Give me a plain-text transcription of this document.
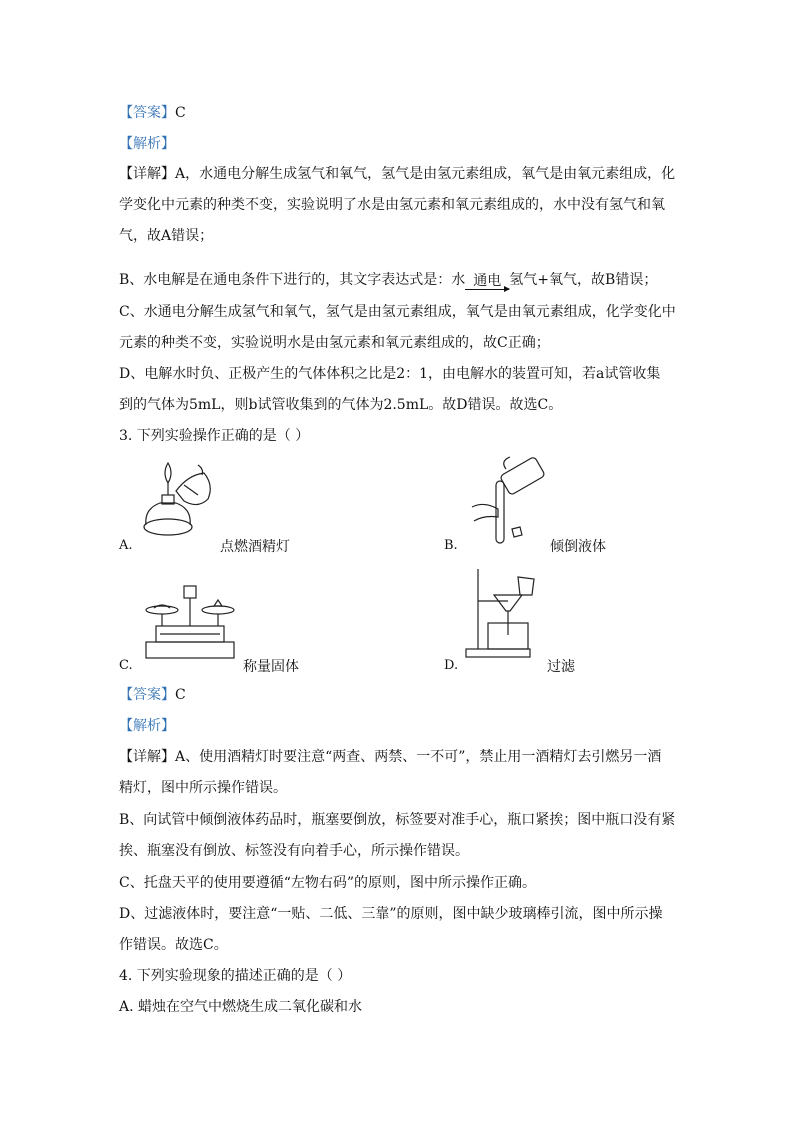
【答案】C
【解析】
【详解】A，水通电分解生成氢气和氧气，氢气是由氢元素组成，氧气是由氧元素组成，化
学变化中元素的种类不变，实验说明了水是由氢元素和氧元素组成的，水中没有氢气和氧
气，故A错误；
B、水电解是在通电条件下进行的，其文字表达式是：水 通电 氢气+氧气，故B错误；
C、水通电分解生成氢气和氧气，氢气是由氢元素组成，氧气是由氧元素组成，化学变化中
元素的种类不变，实验说明水是由氢元素和氧元素组成的，故C正确；
D、电解水时负、正极产生的气体体积之比是2：1，由电解水的装置可知，若a试管收集
到的气体为5mL，则b试管收集到的气体为2.5mL。故D错误。故选C。
3. 下列实验操作正确的是（ ）
A.	点燃酒精灯	B.	倾倒液体
C.	称量固体	D.	过滤
【答案】C
【解析】
【详解】A、使用酒精灯时要注意“两查、两禁、一不可”，禁止用一酒精灯去引燃另一酒
精灯，图中所示操作错误。
B、向试管中倾倒液体药品时，瓶塞要倒放，标签要对准手心，瓶口紧挨；图中瓶口没有紧
挨、瓶塞没有倒放、标签没有向着手心，所示操作错误。
C、托盘天平的使用要遵循“左物右码”的原则，图中所示操作正确。
D、过滤液体时，要注意“一贴、二低、三靠”的原则，图中缺少玻璃棒引流，图中所示操
作错误。故选C。
4. 下列实验现象的描述正确的是（ ）
A. 蜡烛在空气中燃烧生成二氧化碳和水
